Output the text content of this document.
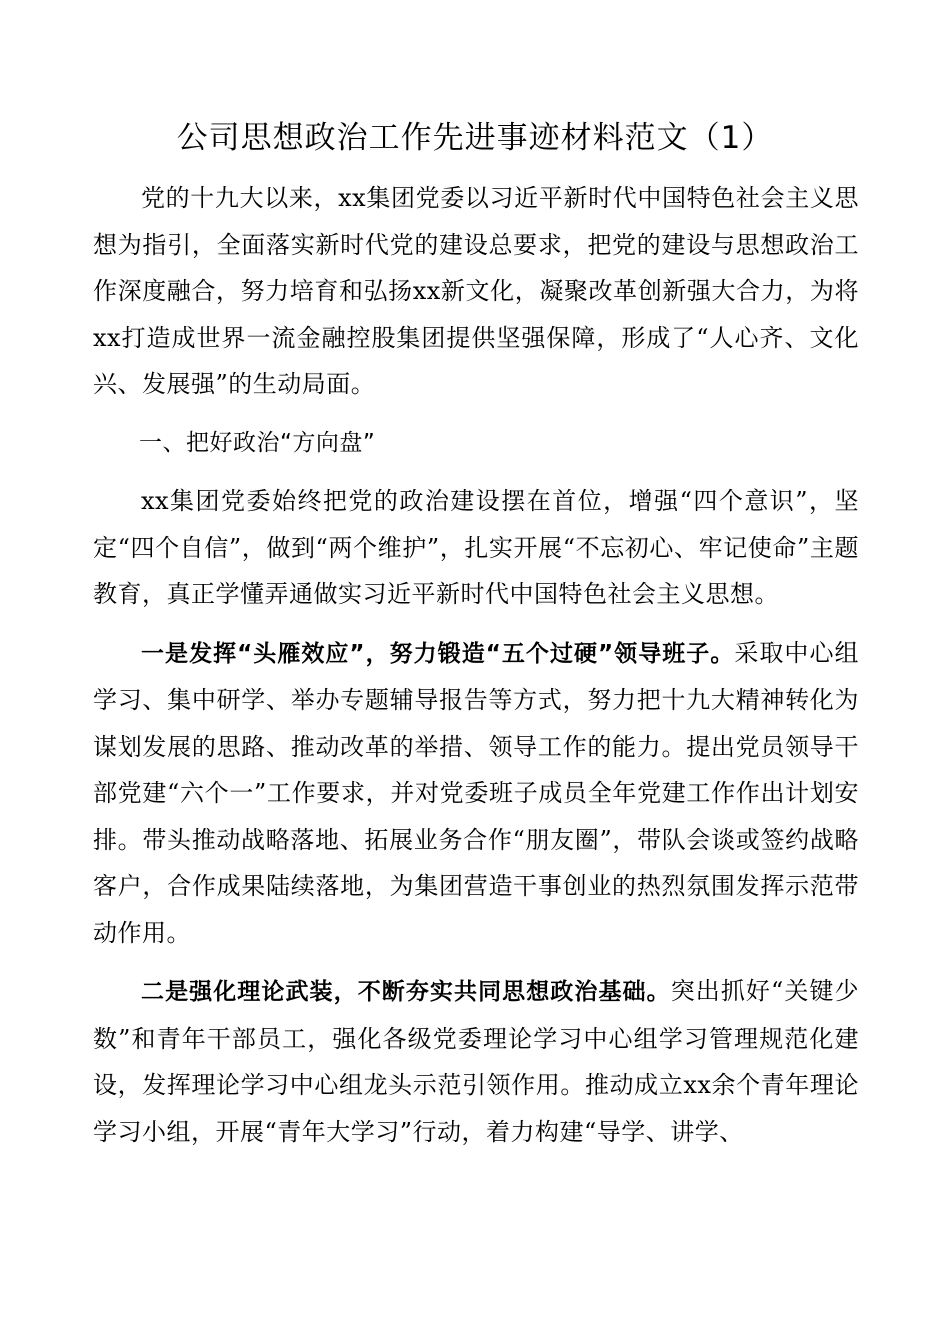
公司思想政治工作先进事迹材料范文（1）

党的十九大以来，xx集团党委以习近平新时代中国特色社会主义思想为指引，全面落实新时代党的建设总要求，把党的建设与思想政治工作深度融合，努力培育和弘扬xx新文化，凝聚改革创新强大合力，为将xx打造成世界一流金融控股集团提供坚强保障，形成了“人心齐、文化兴、发展强”的生动局面。

一、把好政治“方向盘”

xx集团党委始终把党的政治建设摆在首位，增强“四个意识”，坚定“四个自信”，做到“两个维护”，扎实开展“不忘初心、牢记使命”主题教育，真正学懂弄通做实习近平新时代中国特色社会主义思想。

一是发挥“头雁效应”，努力锻造“五个过硬”领导班子。采取中心组学习、集中研学、举办专题辅导报告等方式，努力把十九大精神转化为谋划发展的思路、推动改革的举措、领导工作的能力。提出党员领导干部党建“六个一”工作要求，并对党委班子成员全年党建工作作出计划安排。带头推动战略落地、拓展业务合作“朋友圈”，带队会谈或签约战略客户，合作成果陆续落地，为集团营造干事创业的热烈氛围发挥示范带动作用。

二是强化理论武装，不断夯实共同思想政治基础。突出抓好“关键少数”和青年干部员工，强化各级党委理论学习中心组学习管理规范化建设，发挥理论学习中心组龙头示范引领作用。推动成立xx余个青年理论学习小组，开展“青年大学习”行动，着力构建“导学、讲学、
